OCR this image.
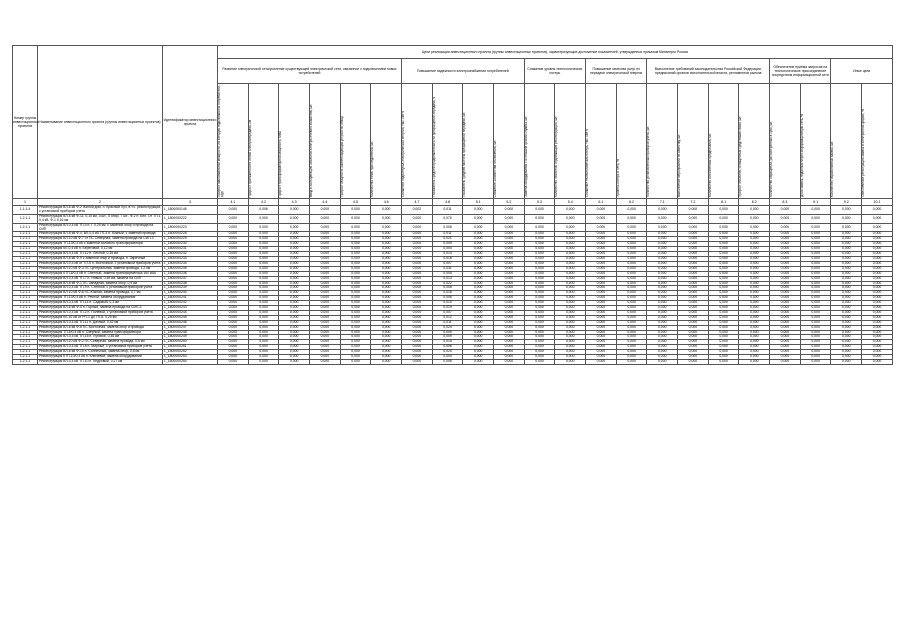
Номер группы инвестиционных проектов	Наименование инвестиционного проекта (группы инвестиционных проектов)	Идентификатор инвестиционного проекта	Цели реализации инвестиционного проекта (группы инвестиционных проектов), характеризующие достижение показателей, утвержденных приказом Минэнерго России																					
			Развитие электрической сети/усиление существующей электрической сети, связанное с подключением новых потребителей						Повышение надежности электроснабжения потребителей				Снижение уровня технологических потерь		Повышение качества услуг по передаче электрической энергии		Выполнение требований законодательства Российской Федерации, предписаний органов исполнительной власти, регламентов рынков				Обеспечение приёма запросов на технологическое присоединение посредством информационной сети		Иные цели	

			Прирост максимальной мощности, на которую подключаются потребители, МВт	Прирост протяженности линий электропередачи, км	Прирост трансформаторной мощности, МВА	Ввод в эксплуатацию объектов электросетевого хозяйства, шт.	Прирост мощности компенсирующих устройств, МВАр	Количество точек присоединения, шт.	Снижение недоотпуска электрической энергии, тыс. кВт·ч	Показатель средней продолжительности прекращений передачи, ч	Показатель средней частоты прекращений передачи, шт.	Снижение количества отключений, шт.	Замена оборудования с истекшим сроком службы, шт.	Количество объектов, подлежащих реконструкции, шт.	Снижение технологических потерь, тыс. кВт·ч	Уровень потерь в сети, %	Количество установленных приборов учета, шт.	Выполнение мероприятий по качеству, шт.	Количество исполненных предписаний, шт.	Прирост объектов, оснащенных средствами связи, шт.	Количество обращений, рассмотренных в срок, шт.	Доля заявок, поданных через информационную сеть, %	Количество обработанных заявок, шт.	Обеспечение регистрации заявок в электронной форме, %

1	2	3	4.1	4.2	4.3	4.4	4.5	4.6	4.7	4.8	5.1	5.2	5.3	5.4	6.1	6.2	7.1	7.2	8.1	8.2	8.3	9.1	9.2	10.1
1.1.1.4	Реконструкция ВЛ-6 кВ Ф-2 Жилой дом, п. Красный Луч, в т.ч. реконструкция, с установкой приборов учета	L_1800000146	0,000	0,006	0,000	0,000	0,000	0,000	0,002	0,011	0,000	0,000	0,000	0,000	0,000	0,000	0,000	0,000	0,000	0,000	0,000	0,000	0,000	0,000
1.2.1.1	Реконструкция ВЛ-6 кВ Ф-11, 0,15 км, 3 шт., 5 опор, 7 шт., Ф-2 п. Бел. От ТП-1 0,4 кВ, Ф-1 0,16 км	L_1800000222	0,000	0,000	0,000	0,000	0,000	0,000	0,000	0,070	0,000	0,000	0,000	0,000	0,000	0,000	0,000	0,000	0,000	0,000	0,000	0,000	0,000	0,000
1.2.1.1	Реконструкция ВЛ-0,4 кВ ТП-4 п. Г 0,25 км, с заменой опор и провода на СИП	L_1800000223	0,000	0,000	0,000	0,000	0,000	0,000	0,000	0,006	0,000	0,000	0,000	0,000	0,000	0,000	0,000	0,000	0,000	0,000	0,000	0,000	0,000	0,000
1.2.1.1	Реконструкция ВЛ-6 кВ Ф-4, ВЛ-0,4 кВ ТП-3 п. Южный, с заменой провода	L_1800000226	0,000	0,000	0,000	0,000	0,000	0,000	0,000	0,011	0,000	0,000	0,000	0,000	0,000	0,000	0,000	0,000	0,000	0,000	0,000	0,000	0,000	0,000
1.2.1.1	Реконструкция ВЛ-10 кВ Ф-7 от ПС Северная, замена провода на СИП-3	L_1800000229	0,000	0,000	0,000	0,000	0,000	0,000	0,000	0,021	0,000	0,000	0,000	0,000	0,000	0,000	0,000	0,000	0,000	0,000	0,000	0,000	0,000	0,000
1.2.1.1	Реконструкция ТП-10/0,4 кВ с заменой силового трансформатора	L_1800000230	0,000	0,000	0,000	0,000	0,000	0,000	0,000	0,009	0,000	0,000	0,000	0,000	0,000	0,000	0,000	0,000	0,000	0,000	0,000	0,000	0,000	0,000
1.2.1.1	Реконструкция КЛ-0,4 кВ п. Береговой, 0,12 км	L_1800000231	0,000	0,000	0,000	0,000	0,000	0,000	0,000	0,004	0,000	0,000	0,000	0,000	0,000	0,000	0,000	0,000	0,000	0,000	0,000	0,000	0,000	0,000
1.2.1.1	Реконструкция ВЛ-0,4 кВ ТП-12 п. Лесной, 0,35 км	L_1800000232	0,000	0,000	0,000	0,000	0,000	0,000	0,000	0,014	0,000	0,000	0,000	0,000	0,000	0,000	0,000	0,000	0,000	0,000	0,000	0,000	0,000	0,000
1.2.1.1	Реконструкция ВЛ-6 кВ Ф-9 с заменой опор и провода, п. Заречный	L_1800000233	0,000	0,000	0,000	0,000	0,000	0,000	0,000	0,018	0,000	0,000	0,000	0,000	0,000	0,000	0,000	0,000	0,000	0,000	0,000	0,000	0,000	0,000
1.2.1.1	Реконструкция ВЛ-0,4 кВ от ТП-5 п. Восточный, с установкой приборов учета	L_1800000234	0,000	0,000	0,000	0,000	0,000	0,000	0,000	0,007	0,000	0,000	0,000	0,000	0,000	0,000	0,000	0,000	0,000	0,000	0,000	0,000	0,000	0,000
1.2.1.1	Реконструкция ВЛ-10 кВ Ф-3 ПС Центральная, замена провода, 1,2 км	L_1800000235	0,000	0,000	0,000	0,000	0,000	0,000	0,000	0,031	0,000	0,000	0,000	0,000	0,000	0,000	0,000	0,000	0,000	0,000	0,000	0,000	0,000	0,000
1.2.1.1	Реконструкция КТП-6/0,4 кВ п. Светлый, замена трансформатора 160 кВА	L_1800000236	0,000	0,000	0,000	0,000	0,000	0,000	0,000	0,005	0,000	0,000	0,000	0,000	0,000	0,000	0,000	0,000	0,000	0,000	0,000	0,000	0,000	0,000
1.2.1.1	Реконструкция ВЛ-0,4 кВ ТП-7 п. Новый, 0,48 км, замена на СИП	L_1800000237	0,000	0,000	0,000	0,000	0,000	0,000	0,000	0,013	0,000	0,000	0,000	0,000	0,000	0,000	0,000	0,000	0,000	0,000	0,000	0,000	0,000	0,000
1.2.1.1	Реконструкция ВЛ-6 кВ Ф-1 ПС Западная, замена опор, 0,9 км	L_1800000238	0,000	0,000	0,000	0,000	0,000	0,000	0,000	0,022	0,000	0,000	0,000	0,000	0,000	0,000	0,000	0,000	0,000	0,000	0,000	0,000	0,000	0,000
1.2.1.1	Реконструкция ВЛ-0,4 кВ ТП-9 п. Степной, с установкой приборов учета	L_1800000239	0,000	0,000	0,000	0,000	0,000	0,000	0,000	0,008	0,000	0,000	0,000	0,000	0,000	0,000	0,000	0,000	0,000	0,000	0,000	0,000	0,000	0,000
1.2.1.1	Реконструкция ВЛ-10 кВ Ф-6 ПС Южная, замена провода, 0,7 км	L_1800000240	0,000	0,000	0,000	0,000	0,000	0,000	0,000	0,016	0,000	0,000	0,000	0,000	0,000	0,000	0,000	0,000	0,000	0,000	0,000	0,000	0,000	0,000
1.2.1.1	Реконструкция ТП-10/0,4 кВ п. Речной, замена оборудования	L_1800000241	0,000	0,000	0,000	0,000	0,000	0,000	0,000	0,006	0,000	0,000	0,000	0,000	0,000	0,000	0,000	0,000	0,000	0,000	0,000	0,000	0,000	0,000
1.2.1.1	Реконструкция ВЛ-0,4 кВ ТП-14 п. Садовый, 0,3 км	L_1800000242	0,000	0,000	0,000	0,000	0,000	0,000	0,000	0,010	0,000	0,000	0,000	0,000	0,000	0,000	0,000	0,000	0,000	0,000	0,000	0,000	0,000	0,000
1.2.1.1	Реконструкция ВЛ-6 кВ Ф-5 п. Горный, замена провода на СИП-3	L_1800000243	0,000	0,000	0,000	0,000	0,000	0,000	0,000	0,019	0,000	0,000	0,000	0,000	0,000	0,000	0,000	0,000	0,000	0,000	0,000	0,000	0,000	0,000
1.2.1.1	Реконструкция ВЛ-0,4 кВ ТП-2 п. Полевой, с установкой приборов учета	L_1800000244	0,000	0,000	0,000	0,000	0,000	0,000	0,000	0,007	0,000	0,000	0,000	0,000	0,000	0,000	0,000	0,000	0,000	0,000	0,000	0,000	0,000	0,000
1.2.1.1	Реконструкция КЛ-10 кВ от РП-1 до ТП-8, 0,25 км	L_1800000245	0,000	0,000	0,000	0,000	0,000	0,000	0,000	0,012	0,000	0,000	0,000	0,000	0,000	0,000	0,000	0,000	0,000	0,000	0,000	0,000	0,000	0,000
1.2.1.1	Реконструкция ВЛ-0,4 кВ ТП-11 п. Дачный, 0,42 км	L_1800000246	0,000	0,000	0,000	0,000	0,000	0,000	0,000	0,011	0,000	0,000	0,000	0,000	0,000	0,000	0,000	0,000	0,000	0,000	0,000	0,000	0,000	0,000
1.2.1.1	Реконструкция ВЛ-6 кВ Ф-8 ПС Восточная, замена опор и провода	L_1800000247	0,000	0,000	0,000	0,000	0,000	0,000	0,000	0,024	0,000	0,000	0,000	0,000	0,000	0,000	0,000	0,000	0,000	0,000	0,000	0,000	0,000	0,000
1.2.1.1	Реконструкция ТП-6/0,4 кВ п. Озерный, замена трансформатора	L_1800000248	0,000	0,000	0,000	0,000	0,000	0,000	0,000	0,005	0,000	0,000	0,000	0,000	0,000	0,000	0,000	0,000	0,000	0,000	0,000	0,000	0,000	0,000
1.2.1.1	Реконструкция ВЛ-0,4 кВ ТП-15 п. Луговой, 0,38 км	L_1800000249	0,000	0,000	0,000	0,000	0,000	0,000	0,000	0,009	0,000	0,000	0,000	0,000	0,000	0,000	0,000	0,000	0,000	0,000	0,000	0,000	0,000	0,000
1.2.1.1	Реконструкция ВЛ-10 кВ Ф-2 ПС Северная, замена провода, 0,6 км	L_1800000250	0,000	0,000	0,000	0,000	0,000	0,000	0,000	0,015	0,000	0,000	0,000	0,000	0,000	0,000	0,000	0,000	0,000	0,000	0,000	0,000	0,000	0,000
1.2.1.1	Реконструкция ВЛ-0,4 кВ ТП-6 п. Мирный, с установкой приборов учета	L_1800000251	0,000	0,000	0,000	0,000	0,000	0,000	0,000	0,006	0,000	0,000	0,000	0,000	0,000	0,000	0,000	0,000	0,000	0,000	0,000	0,000	0,000	0,000
1.2.1.1	Реконструкция ВЛ-6 кВ Ф-10 п. Солнечный, замена опор, 0,8 км	L_1800000252	0,000	0,000	0,000	0,000	0,000	0,000	0,000	0,020	0,000	0,000	0,000	0,000	0,000	0,000	0,000	0,000	0,000	0,000	0,000	0,000	0,000	0,000
1.2.1.1	Реконструкция КТП-10/0,4 кВ п. Ключевой, замена оборудования	L_1800000253	0,000	0,000	0,000	0,000	0,000	0,000	0,000	0,004	0,000	0,000	0,000	0,000	0,000	0,000	0,000	0,000	0,000	0,000	0,000	0,000	0,000	0,000
1.2.1.1	Реконструкция ВЛ-0,4 кВ ТП-10 п. Кедровый, 0,27 км	L_1800000254	0,000	0,000	0,000	0,000	0,000	0,000	0,000	0,008	0,000	0,000	0,000	0,000	0,000	0,000	0,000	0,000	0,000	0,000	0,000	0,000	0,000	0,000
